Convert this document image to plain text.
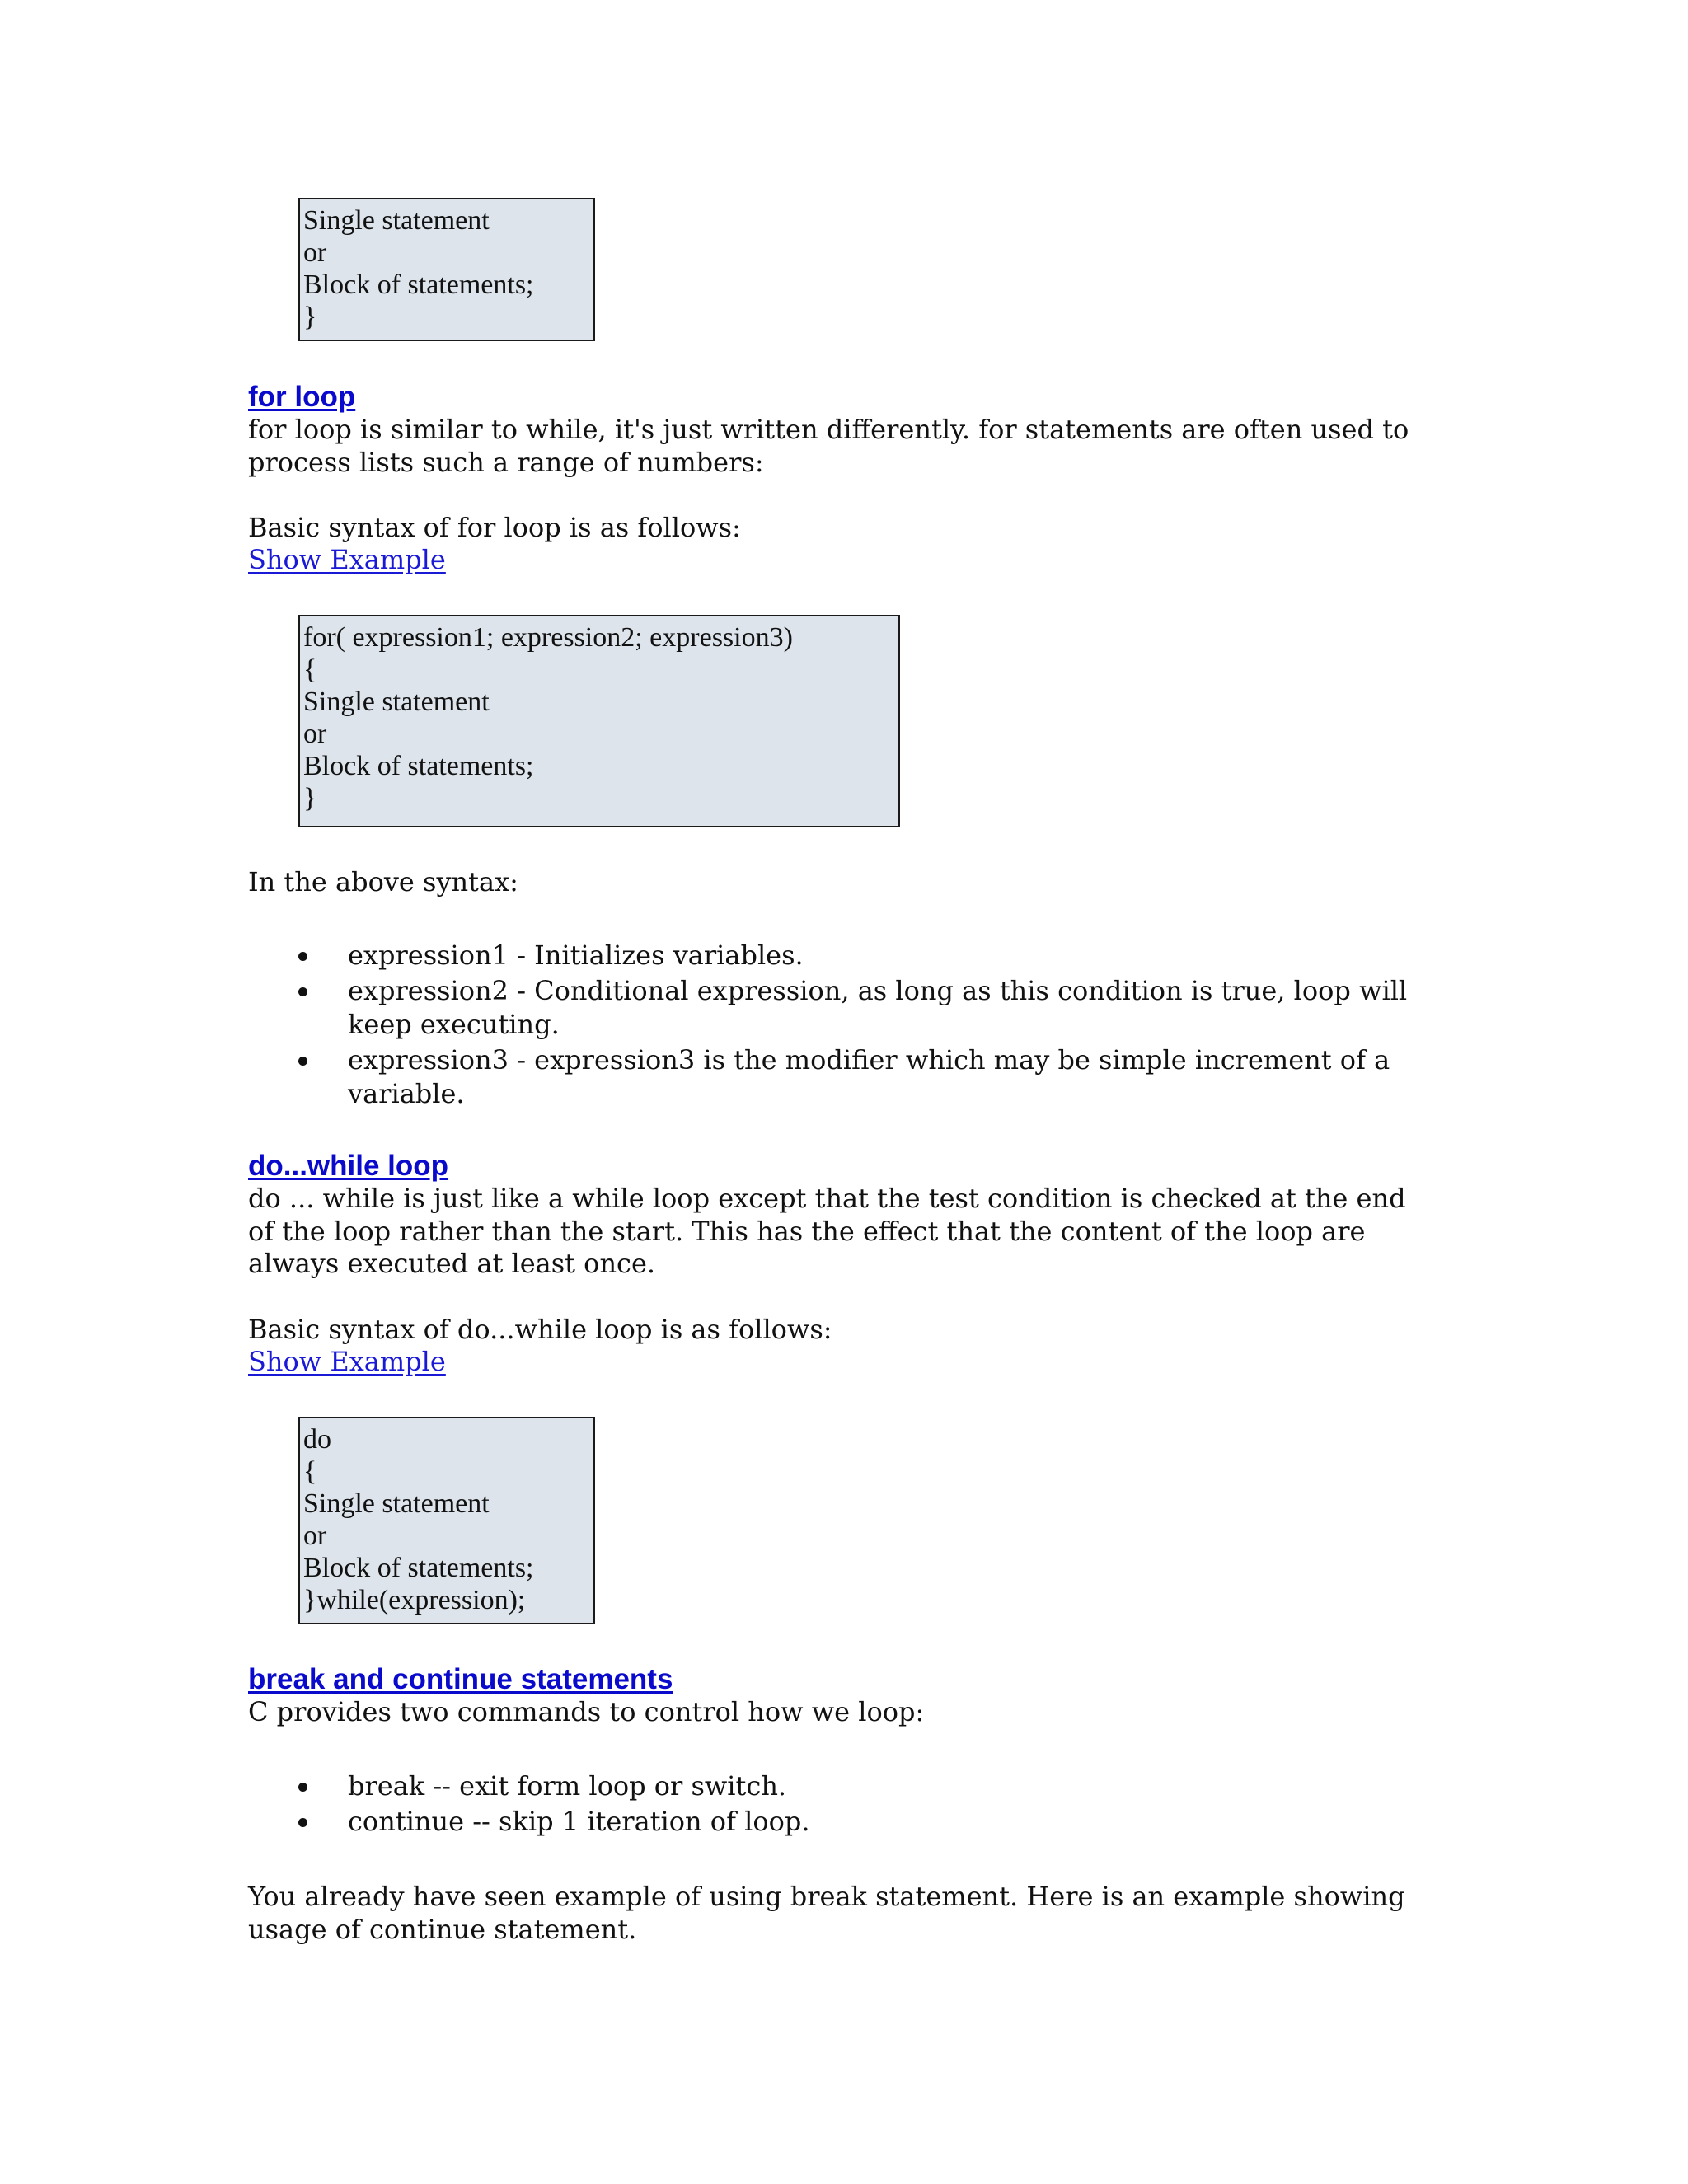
Single statement
or
Block of statements;
}
for loop

for loop is similar to while, it's just written differently. for statements are often used to process lists such a range of numbers:

Basic syntax of for loop is as follows:

Show Example
for( expression1; expression2; expression3)
{
Single statement
or
Block of statements;
}

In the above syntax:

expression1 - Initializes variables.
expression2 - Conditional expression, as long as this condition is true, loop will keep executing.
expression3 - expression3 is the modifier which may be simple increment of a variable.
do...while loop

do ... while is just like a while loop except that the test condition is checked at the end of the loop rather than the start. This has the effect that the content of the loop are always executed at least once.

Basic syntax of do...while loop is as follows:

Show Example
do
{
Single statement
or
Block of statements;
}while(expression);
break and continue statements

C provides two commands to control how we loop:

break -- exit form loop or switch.
continue -- skip 1 iteration of loop.

You already have seen example of using break statement. Here is an example showing usage of continue statement.
